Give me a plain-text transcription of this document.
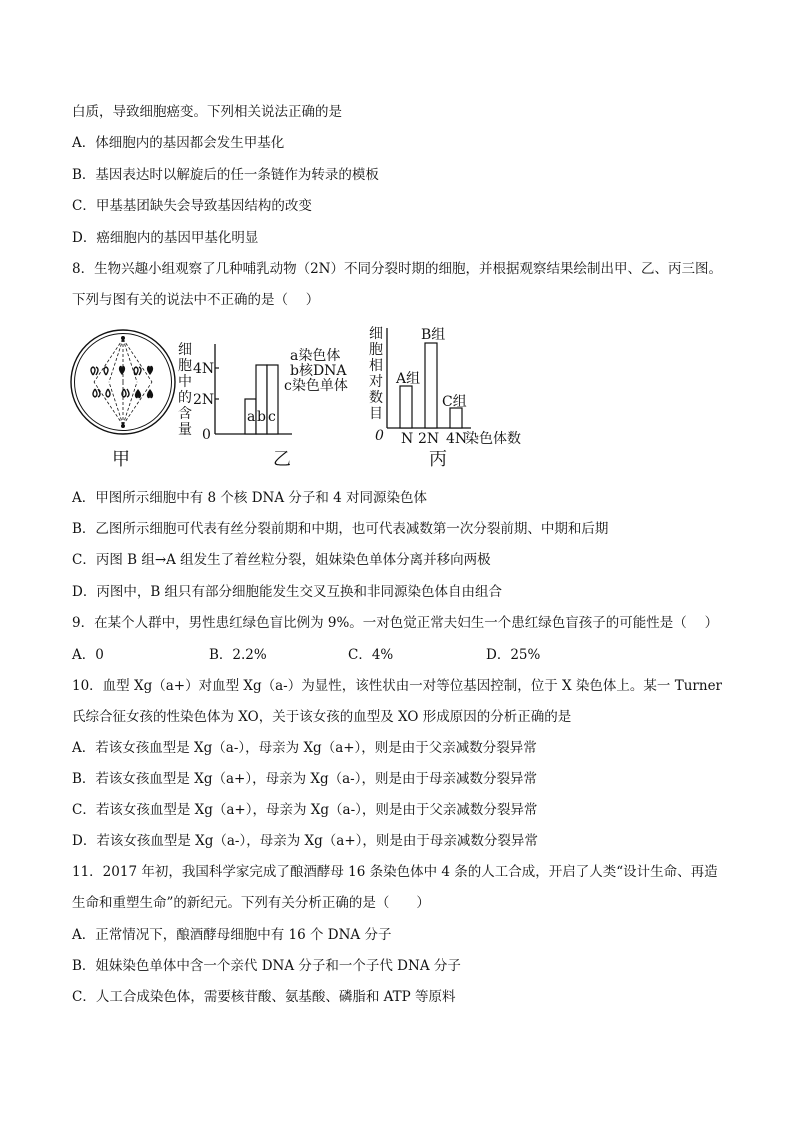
白质，导致细胞癌变。下列相关说法正确的是
A．体细胞内的基因都会发生甲基化
B．基因表达时以解旋后的任一条链作为转录的模板
C．甲基基团缺失会导致基因结构的改变
D．癌细胞内的基因甲基化明显
8．生物兴趣小组观察了几种哺乳动物（2N）不同分裂时期的细胞，并根据观察结果绘制出甲、乙、丙三图。
下列与图有关的说法中不正确的是（　 ）
甲
细
胞
中
的
含
量
4N
2N
0
a b c
a染色体
b核DNA
c染色单体
乙
细
胞
相
对
数
目
0
A组
B组
C组
N 2N 4N
染色体数
丙
A．甲图所示细胞中有 8 个核 DNA 分子和 4 对同源染色体
B．乙图所示细胞可代表有丝分裂前期和中期，也可代表减数第一次分裂前期、中期和后期
C．丙图 B 组→A 组发生了着丝粒分裂，姐妹染色单体分离并移向两极
D．丙图中，B 组只有部分细胞能发生交叉互换和非同源染色体自由组合
9．在某个人群中，男性患红绿色盲比例为 9%。一对色觉正常夫妇生一个患红绿色盲孩子的可能性是（　 ）
A．0	B．2.2%	C．4%	D．25%
10．血型 Xg（a+）对血型 Xg（a-）为显性，该性状由一对等位基因控制，位于 X 染色体上。某一 Turner
氏综合征女孩的性染色体为 XO，关于该女孩的血型及 XO 形成原因的分析正确的是
A．若该女孩血型是 Xg（a-），母亲为 Xg（a+），则是由于父亲减数分裂异常
B．若该女孩血型是 Xg（a+），母亲为 Xg（a-），则是由于母亲减数分裂异常
C．若该女孩血型是 Xg（a+），母亲为 Xg（a-），则是由于父亲减数分裂异常
D．若该女孩血型是 Xg（a-），母亲为 Xg（a+），则是由于母亲减数分裂异常
11．2017 年初，我国科学家完成了酿酒酵母 16 条染色体中 4 条的人工合成，开启了人类“设计生命、再造
生命和重塑生命”的新纪元。下列有关分析正确的是（　　）
A．正常情况下，酿酒酵母细胞中有 16 个 DNA 分子
B．姐妹染色单体中含一个亲代 DNA 分子和一个子代 DNA 分子
C．人工合成染色体，需要核苷酸、氨基酸、磷脂和 ATP 等原料
